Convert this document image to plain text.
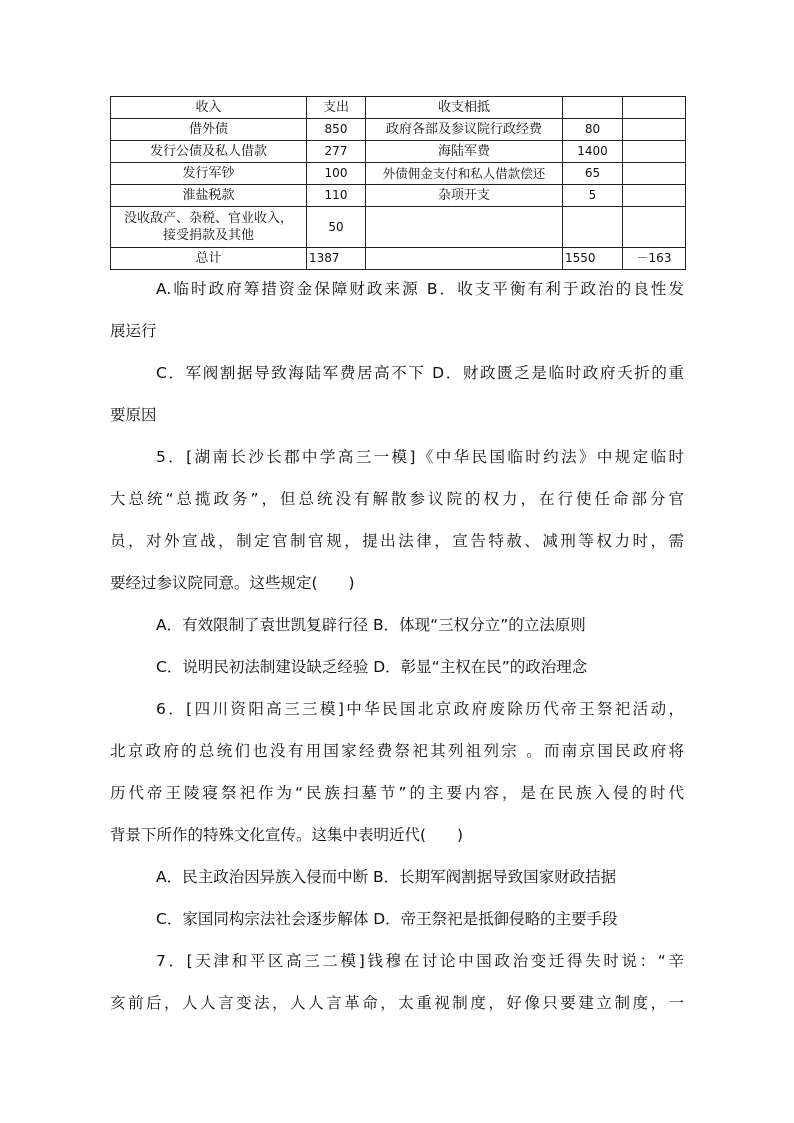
收入	支出	收支相抵		
借外债	850	政府各部及参议院行政经费	80	
发行公债及私人借款	277	海陆军费	1400	
发行军钞	100	外债佣金支付和私人借款偿还	65	
淮盐税款	110	杂项开支	5	

没收敌产、杂税、官业收入，
接受捐款及其他	50			
总计	1387		1550	－163
A.临时政府筹措资金保障财政来源 B．收支平衡有利于政治的良性发
展运行
C．军阀割据导致海陆军费居高不下 D．财政匮乏是临时政府夭折的重
要原因
5．[湖南长沙长郡中学高三一模]《中华民国临时约法》中规定临时
大总统“总揽政务”，但总统没有解散参议院的权力，在行使任命部分官
员，对外宣战，制定官制官规，提出法律，宣告特赦、减刑等权力时，需
要经过参议院同意。这些规定(　　)
A．有效限制了袁世凯复辟行径 B．体现“三权分立”的立法原则
C．说明民初法制建设缺乏经验 D．彰显“主权在民”的政治理念
6．[四川资阳高三三模]中华民国北京政府废除历代帝王祭祀活动，
北京政府的总统们也没有用国家经费祭祀其列祖列宗 。而南京国民政府将
历代帝王陵寝祭祀作为“民族扫墓节”的主要内容，是在民族入侵的时代
背景下所作的特殊文化宣传。这集中表明近代(　　)
A．民主政治因异族入侵而中断 B．长期军阀割据导致国家财政拮据
C．家国同构宗法社会逐步解体 D．帝王祭祀是抵御侵略的主要手段
7．[天津和平区高三二模]钱穆在讨论中国政治变迁得失时说：“辛
亥前后，人人言变法，人人言革命，太重视制度，好像只要建立制度，一
